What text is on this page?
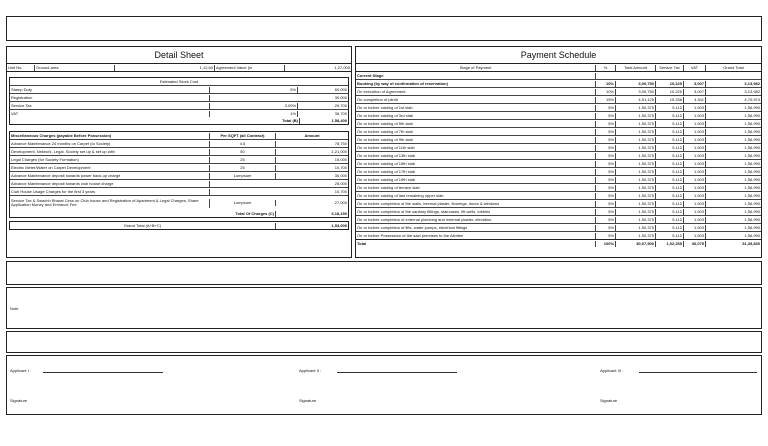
Detail Sheet
Unit No.	Ground area	1,12,60 Agreement Value (in	1,27,000
Estimated Stock Cost
Stamp Duty	5%	60,000
Registration	30,000
Service Tax	3.09%	29,700
VAT	1%	38,700
Total (B)	1,58,400
Miscellaneous Charges (payable Before Possession)	Per SQFT (all Contract)	Amount
Advance Maintenance 24 months on Carpet (to Society)	4.5	78,750
Development, Network, Legal, Society set up & set up with	50	1,21,000
Legal Charges (for Society Formation)	25	15,000
Electric Meter/Water on Carpet Development	25	10,700
Advance Maintenance deposit towards power back-up charge	Lumpsum	30,000
Advance Maintenance deposit towards club house charge	25,000
Club House Usage Charges for the first 3 years	10,700
Service Tax & Swachh Bharat Cess on Club house and Registration of Apartment & Legal Charges, Share Application Money and Entrance Fee	Lumpsum	27,000
Total Of Charges (C)	3,18,150
Grand Total (A+B+C)	1,53,000
Payment Schedule
Stage of Payment	%	Total Amount	Service Tax	VAT	Grand Total
Current Stage
Booking (by way of confirmation of reservation)	10%	3,00,750	10,225	3,007	3,13,982
On execution of Agreement	10%	3,00,750	10,225	3,007	3,13,982
On completion of plinth	15%	4,51,125	15,338	4,511	4,70,974
On or before casting of 1st slab	5%	1,50,375	5,112	1,503	1,56,990
On or before casting of 3rd slab	5%	1,50,375	5,112	1,503	1,56,990
On or before casting of 5th slab	5%	1,50,375	5,112	1,503	1,56,990
On or before casting of 7th slab	5%	1,50,375	5,112	1,503	1,56,990
On or before casting of 9th slab	5%	1,50,375	5,112	1,503	1,56,990
On or before casting of 11th slab	5%	1,50,375	5,112	1,503	1,56,990
On or before casting of 13th slab	5%	1,50,375	5,112	1,503	1,56,990
On or before casting of 15th slab	5%	1,50,375	5,112	1,503	1,56,990
On or before casting of 17th slab	5%	1,50,375	5,112	1,503	1,56,990
On or before casting of 19th slab	5%	1,50,375	5,112	1,503	1,56,990
On or before casting of terrace slab	5%	1,50,375	5,112	1,503	1,56,990
On or before casting of last remaining upper slab	5%	1,50,375	5,112	1,503	1,56,990
On or before completion of the walls, internal plaster, floorings, doors & windows	5%	1,50,375	5,112	1,503	1,56,990
On or before completion of the sanitary fittings, staircases, lift wells, lobbies	5%	1,50,375	5,112	1,503	1,56,990
On or before completion of external plumbing and external plaster, elevation	5%	1,50,375	5,112	1,503	1,56,990
On or before completion of lifts, water pumps, electrical fittings	5%	1,50,375	5,112	1,503	1,56,990
On or before Possession of the said premises to the Allottee	5%	1,50,375	5,112	1,503	1,56,990
Total	100%	30,07,500	1,02,255	30,075	31,39,830
Note
Applicant I :	Applicant II :	Applicant III :
Signature	Signature	Signature
